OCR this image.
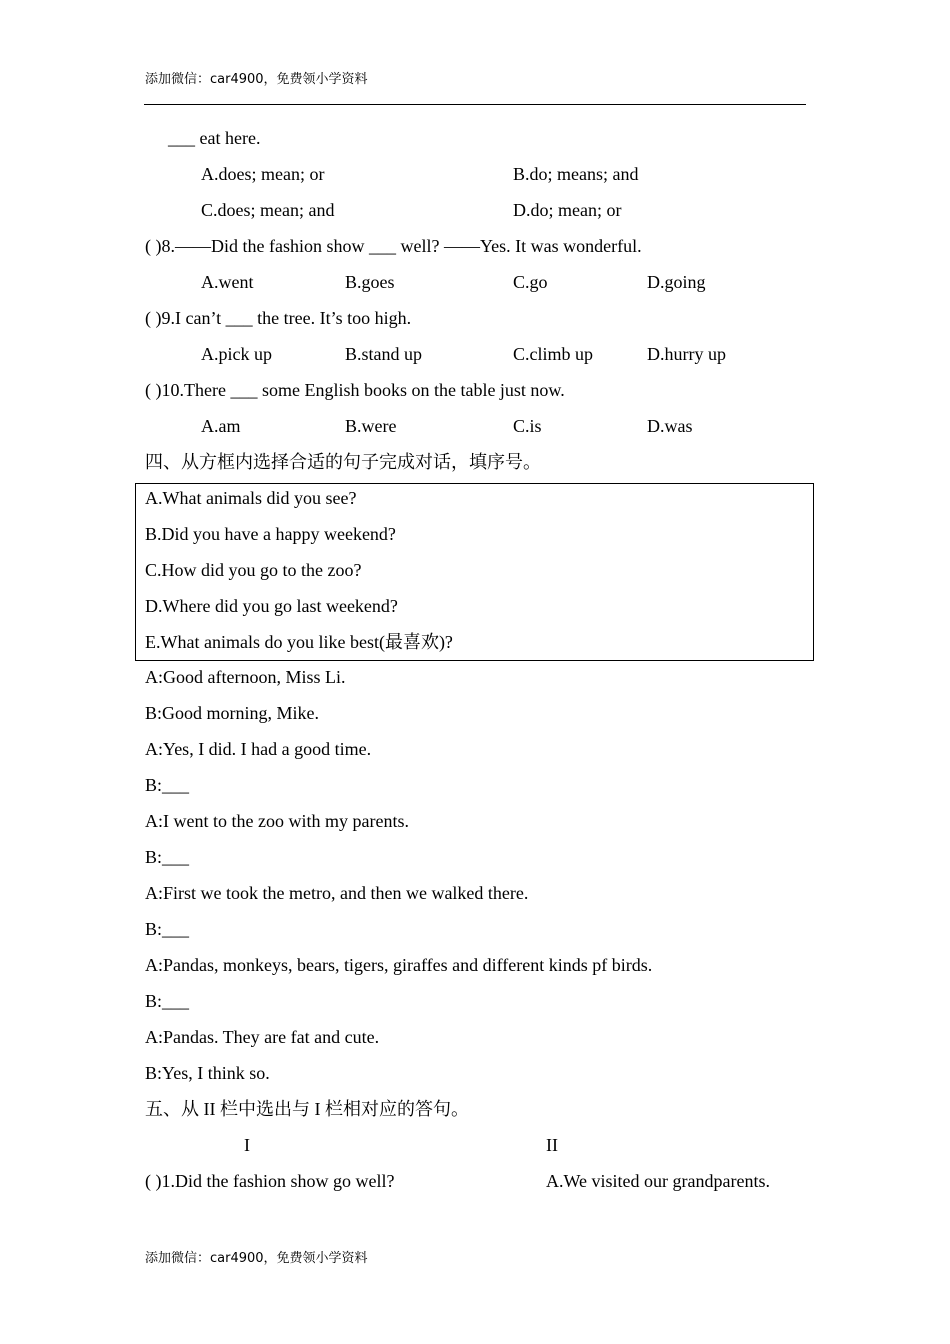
添加微信：car4900，免费领小学资料
___ eat here.
A.does; mean; or	B.do; means; and
C.does; mean; and	D.do; mean; or
( )8.——Did the fashion show ___ well? ——Yes. It was wonderful.
A.went	B.goes	C.go	D.going
( )9.I can’t ___ the tree. It’s too high.
A.pick up	B.stand up	C.climb up	D.hurry up
( )10.There ___ some English books on the table just now.
A.am	B.were	C.is	D.was
四、从方框内选择合适的句子完成对话，填序号。
A.What animals did you see?
B.Did you have a happy weekend?
C.How did you go to the zoo?
D.Where did you go last weekend?
E.What animals do you like best(最喜欢)?
A:Good afternoon, Miss Li.
B:Good morning, Mike.
A:Yes, I did. I had a good time.
B:___
A:I went to the zoo with my parents.
B:___
A:First we took the metro, and then we walked there.
B:___
A:Pandas, monkeys, bears, tigers, giraffes and different kinds pf birds.
B:___
A:Pandas. They are fat and cute.
B:Yes, I think so.
五、从 II 栏中选出与 I 栏相对应的答句。
I	II
( )1.Did the fashion show go well?	A.We visited our grandparents.
添加微信：car4900，免费领小学资料
